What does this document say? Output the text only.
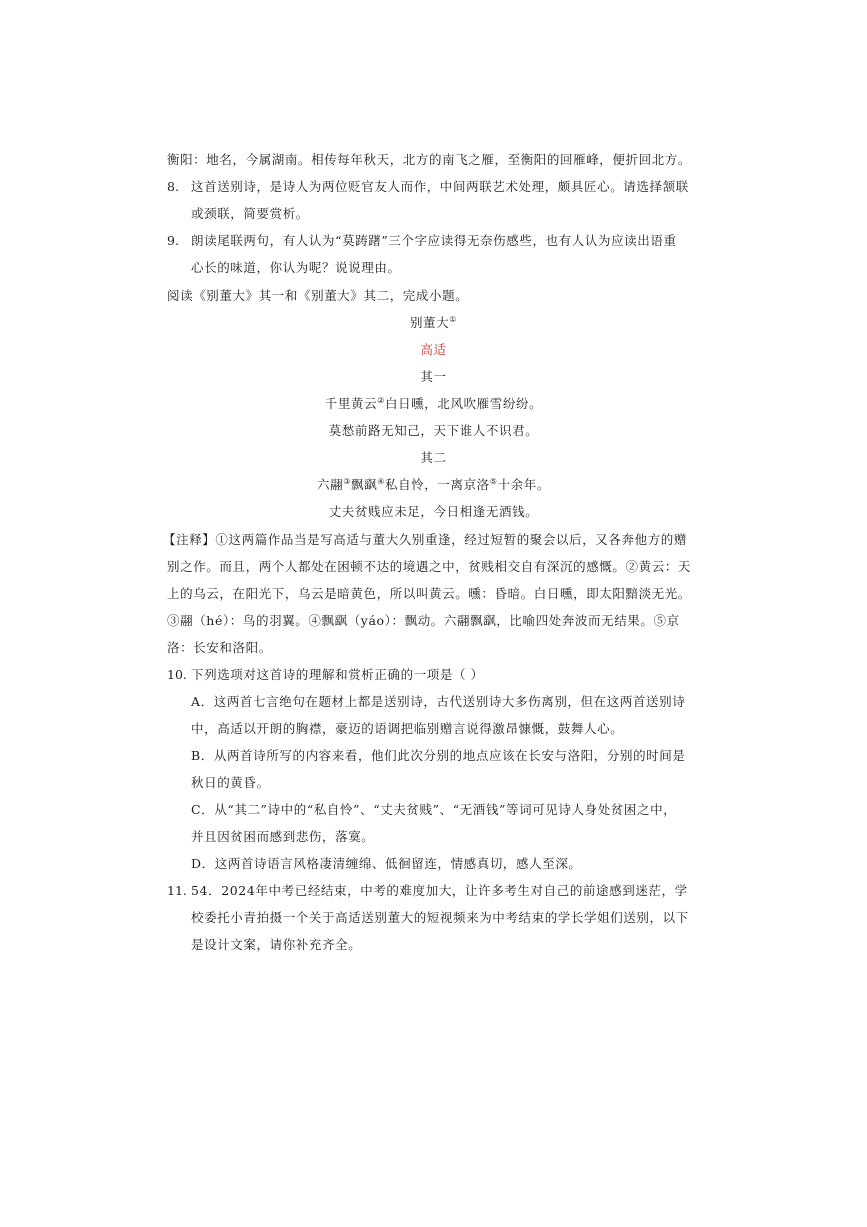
衡阳：地名，今属湖南。相传每年秋天，北方的南飞之雁，至衡阳的回雁峰，便折回北方。
8. 这首送别诗，是诗人为两位贬官友人而作，中间两联艺术处理，颇具匠心。请选择颔联
或颈联，简要赏析。
9. 朗读尾联两句，有人认为“莫踌躇”三个字应读得无奈伤感些，也有人认为应读出语重
心长的味道，你认为呢？说说理由。
阅读《别董大》其一和《别董大》其二，完成小题。
别董大①
高适
其一
千里黄云②白日曛，北风吹雁雪纷纷。
莫愁前路无知己，天下谁人不识君。
其二
六翮③飘飖④私自怜，一离京洛⑤十余年。
丈夫贫贱应未足，今日相逢无酒钱。
【注释】①这两篇作品当是写高适与董大久别重逢，经过短暂的聚会以后，又各奔他方的赠
别之作。而且，两个人都处在困顿不达的境遇之中，贫贱相交自有深沉的感慨。②黄云：天
上的乌云，在阳光下，乌云是暗黄色，所以叫黄云。曛：昏暗。白日曛，即太阳黯淡无光。
③翮（hé）：鸟的羽翼。④飘飖（yáo）：飘动。六翮飘飖，比喻四处奔波而无结果。⑤京
洛：长安和洛阳。
10. 下列选项对这首诗的理解和赏析正确的一项是（ ）
A．这两首七言绝句在题材上都是送别诗，古代送别诗大多伤离别，但在这两首送别诗
中，高适以开朗的胸襟，豪迈的语调把临别赠言说得激昂慷慨，鼓舞人心。
B．从两首诗所写的内容来看，他们此次分别的地点应该在长安与洛阳，分别的时间是
秋日的黄昏。
C．从“其二”诗中的“私自怜”、“丈夫贫贱”、“无酒钱”等词可见诗人身处贫困之中，
并且因贫困而感到悲伤，落寞。
D．这两首诗语言风格凄清缠绵、低徊留连，情感真切，感人至深。
11. 54．2024年中考已经结束，中考的难度加大，让许多考生对自己的前途感到迷茫，学
校委托小青拍摄一个关于高适送别董大的短视频来为中考结束的学长学姐们送别，以下
是设计文案，请你补充齐全。
